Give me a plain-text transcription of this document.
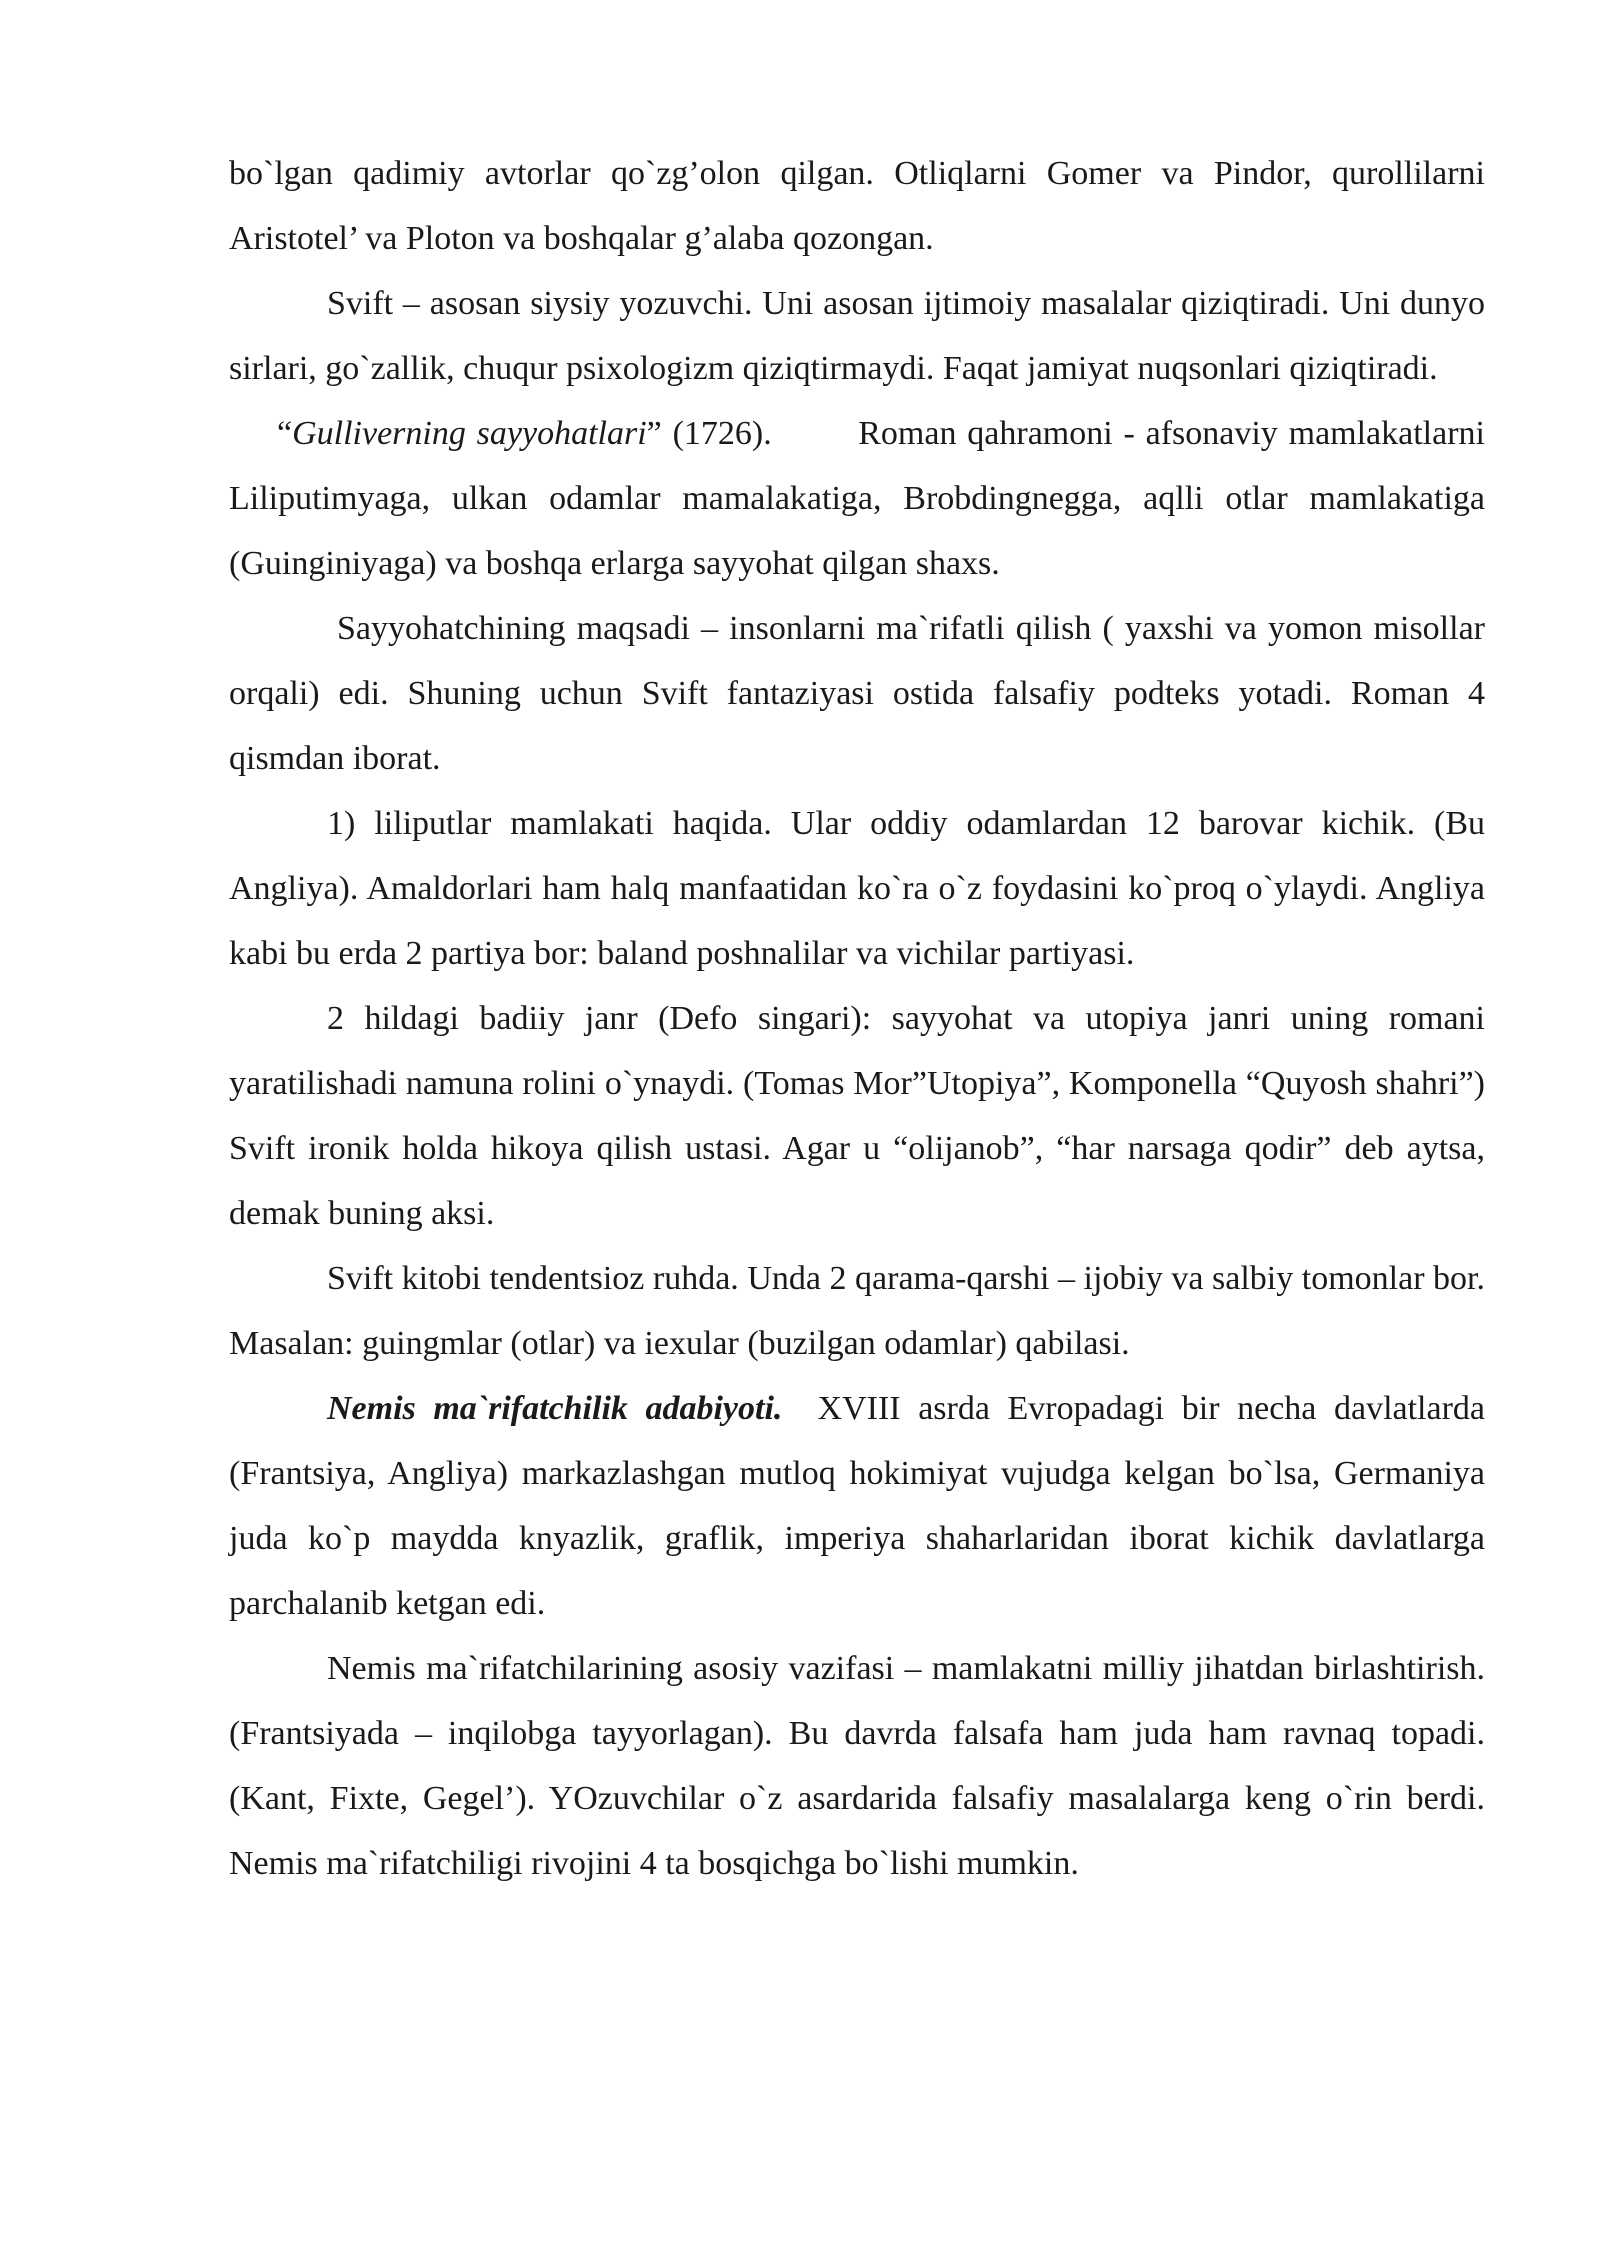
bo`lgan qadimiy avtorlar qo`zg’olon qilgan. Otliqlarni Gomer va Pindor, qurollilarni Aristotel’ va Ploton va boshqalar g’alaba qozongan.

Svift – asosan siysiy yozuvchi. Uni asosan ijtimoiy masalalar qiziqtiradi. Uni dunyo sirlari, go`zallik, chuqur psixologizm qiziqtirmaydi. Faqat jamiyat nuqsonlari qiziqtiradi.

“Gulliverning sayyohatlari” (1726).        Roman qahramoni - afsonaviy mamlakatlarni Liliputimyaga, ulkan odamlar mamalakatiga, Brobdingnegga, aqlli otlar mamlakatiga (Guinginiyaga) va boshqa erlarga sayyohat qilgan shaxs.

Sayyohatchining maqsadi – insonlarni ma`rifatli qilish ( yaxshi va yomon misollar orqali) edi. Shuning uchun Svift fantaziyasi ostida falsafiy podteks yotadi. Roman 4 qismdan iborat.

1) liliputlar mamlakati haqida. Ular oddiy odamlardan 12 barovar kichik. (Bu Angliya). Amaldorlari ham halq manfaatidan ko`ra o`z foydasini ko`proq o`ylaydi. Angliya kabi bu erda 2 partiya bor: baland poshnalilar va vichilar partiyasi.

2 hildagi badiiy janr (Defo singari): sayyohat va utopiya janri uning romani yaratilishadi namuna rolini o`ynaydi. (Tomas Mor”Utopiya”, Komponella “Quyosh shahri”) Svift ironik holda hikoya qilish ustasi. Agar u “olijanob”, “har narsaga qodir” deb aytsa, demak buning aksi.

Svift kitobi tendentsioz ruhda. Unda 2 qarama-qarshi – ijobiy va salbiy tomonlar bor. Masalan: guingmlar (otlar) va iexular (buzilgan odamlar) qabilasi.

Nemis ma`rifatchilik adabiyoti.  XVIII asrda Evropadagi bir necha davlatlarda (Frantsiya, Angliya) markazlashgan mutloq hokimiyat vujudga kelgan bo`lsa, Germaniya juda ko`p maydda knyazlik, graflik, imperiya shaharlaridan iborat kichik davlatlarga parchalanib ketgan edi.

Nemis ma`rifatchilarining asosiy vazifasi – mamlakatni milliy jihatdan birlashtirish. (Frantsiyada – inqilobga tayyorlagan). Bu davrda falsafa ham juda ham ravnaq topadi. (Kant, Fixte, Gegel’). YOzuvchilar o`z asardarida falsafiy masalalarga keng o`rin berdi. Nemis ma`rifatchiligi rivojini 4 ta bosqichga bo`lishi mumkin.
